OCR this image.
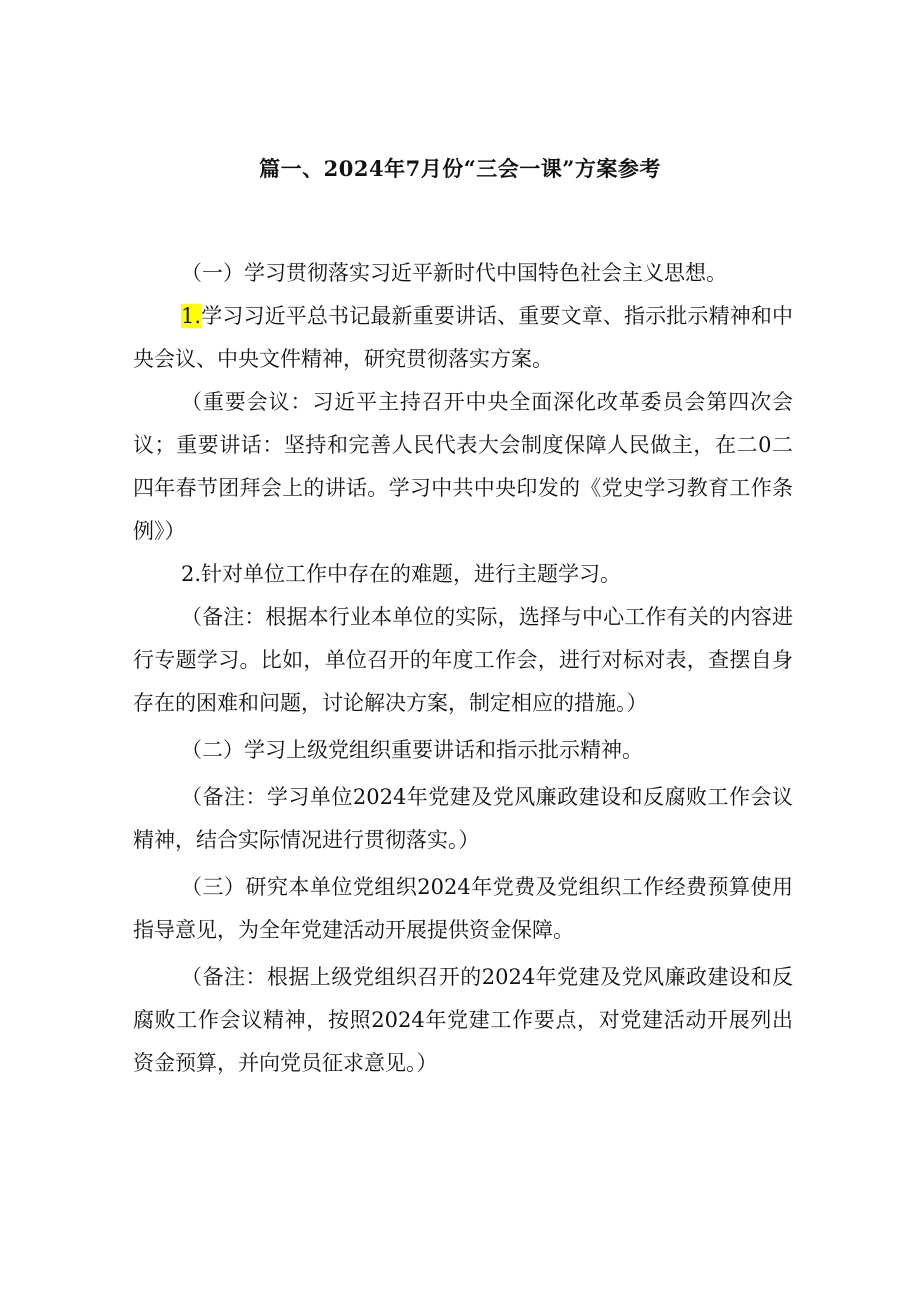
篇一、2024年7月份“三会一课”方案参考

（一）学习贯彻落实习近平新时代中国特色社会主义思想。

1.学习习近平总书记最新重要讲话、重要文章、指示批示精神和中央会议、中央文件精神，研究贯彻落实方案。

（重要会议：习近平主持召开中央全面深化改革委员会第四次会议；重要讲话：坚持和完善人民代表大会制度保障人民做主，在二0二四年春节团拜会上的讲话。学习中共中央印发的《党史学习教育工作条例》）

2.针对单位工作中存在的难题，进行主题学习。

（备注：根据本行业本单位的实际，选择与中心工作有关的内容进行专题学习。比如，单位召开的年度工作会，进行对标对表，查摆自身存在的困难和问题，讨论解决方案，制定相应的措施。）

（二）学习上级党组织重要讲话和指示批示精神。

（备注：学习单位2024年党建及党风廉政建设和反腐败工作会议精神，结合实际情况进行贯彻落实。）

（三）研究本单位党组织2024年党费及党组织工作经费预算使用指导意见，为全年党建活动开展提供资金保障。

（备注：根据上级党组织召开的2024年党建及党风廉政建设和反腐败工作会议精神，按照2024年党建工作要点，对党建活动开展列出资金预算，并向党员征求意见。）
